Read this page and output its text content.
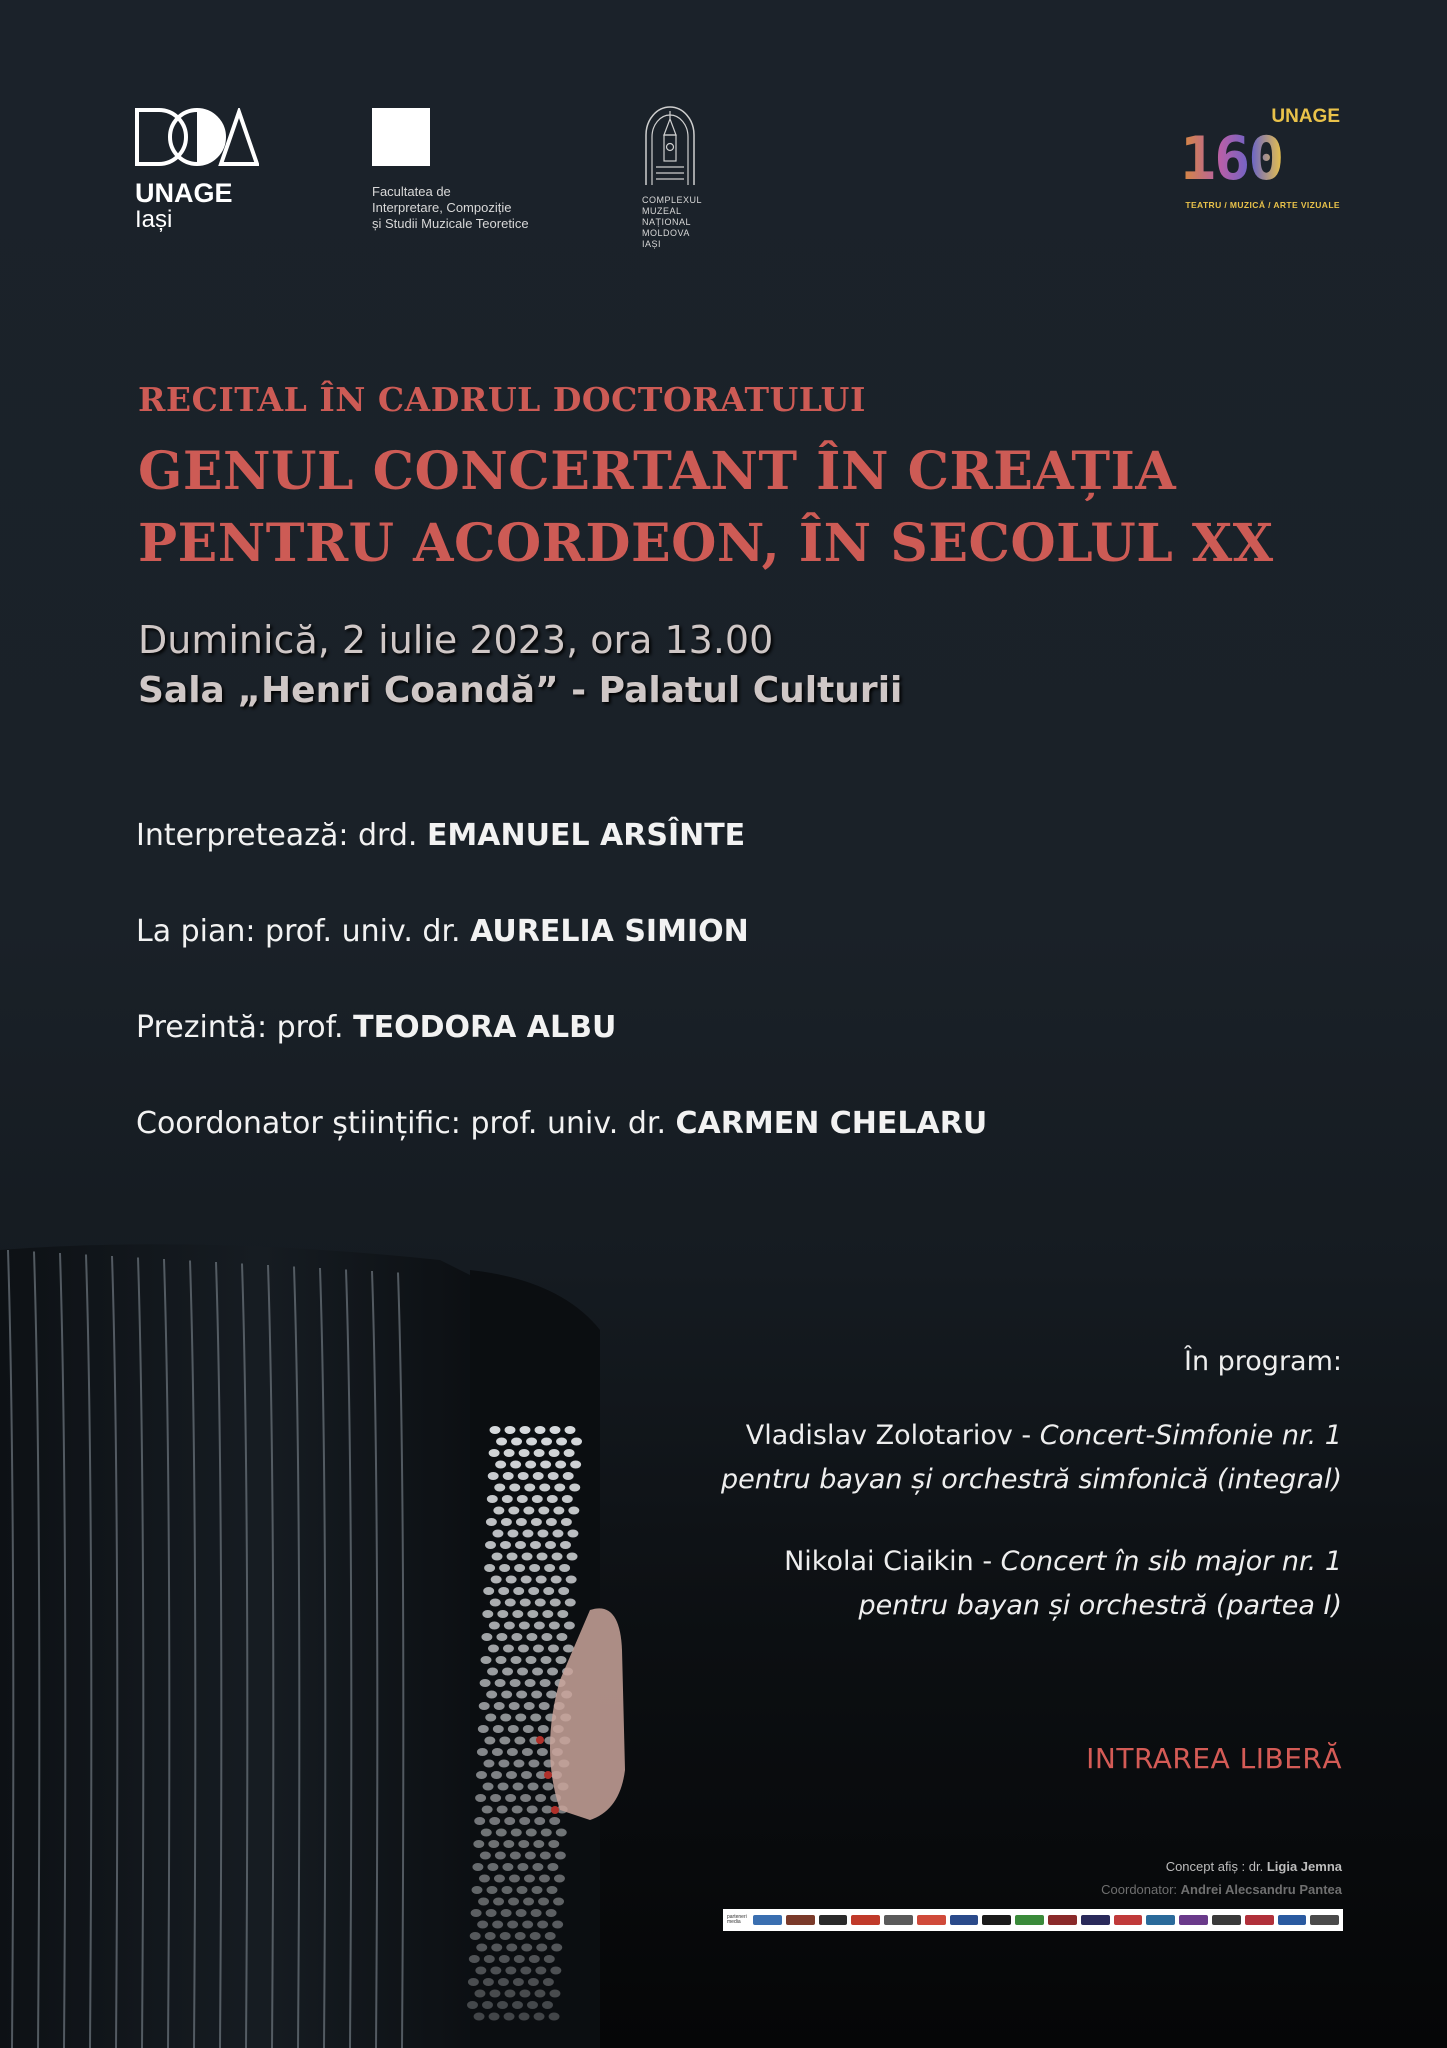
UNAGE
Iași
Facultatea de
Interpretare, Compoziție
și Studii Muzicale Teoretice
COMPLEXUL
MUZEAL
NAȚIONAL
MOLDOVA
IAȘI
UNAGE
160
TEATRU / MUZICĂ / ARTE VIZUALE
RECITAL ÎN CADRUL DOCTORATULUI
GENUL CONCERTANT ÎN CREAȚIA
PENTRU ACORDEON, ÎN SECOLUL XX
Duminică, 2 iulie 2023, ora 13.00
Sala „Henri Coandă” - Palatul Culturii
Interpretează: drd. EMANUEL ARSÎNTE
La pian: prof. univ. dr. AURELIA SIMION
Prezintă: prof. TEODORA ALBU
Coordonator științific: prof. univ. dr. CARMEN CHELARU
În program:
Vladislav Zolotariov - Concert-Simfonie nr. 1
pentru bayan și orchestră simfonică (integral)
Nikolai Ciaikin - Concert în sib major nr. 1
pentru bayan și orchestră (partea I)
INTRAREA LIBERĂ
Concept afiș : dr. Ligia Jemna
Coordonator: Andrei Alecsandru Pantea
parteneri media
